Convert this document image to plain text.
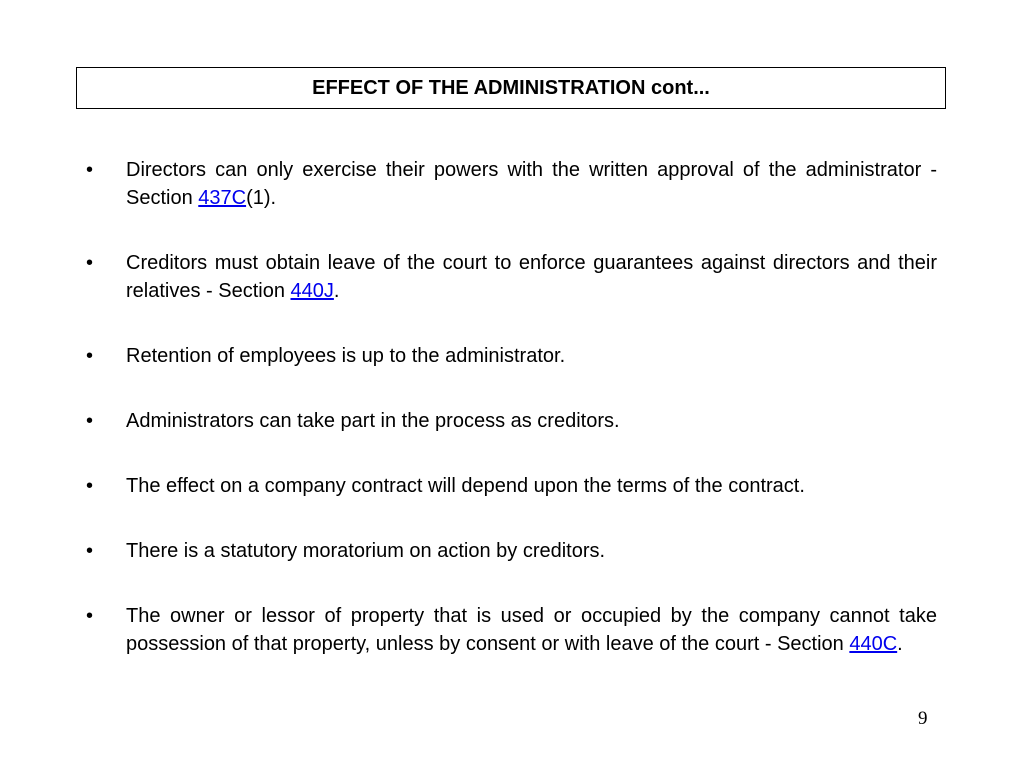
EFFECT OF THE ADMINISTRATION cont...
•	Directors can only exercise their powers with the written approval of the administrator - Section 437C(1).
•	Creditors must obtain leave of the court to enforce guarantees against directors and their relatives - Section 440J.
•	Retention of employees is up to the administrator.
•	Administrators can take part in the process as creditors.
•	The effect on a company contract will depend upon the terms of the contract.
•	There is a statutory moratorium on action by creditors.
•	The owner or lessor of property that is used or occupied by the company cannot take possession of that property, unless by consent or with leave of the court - Section 440C.
9
